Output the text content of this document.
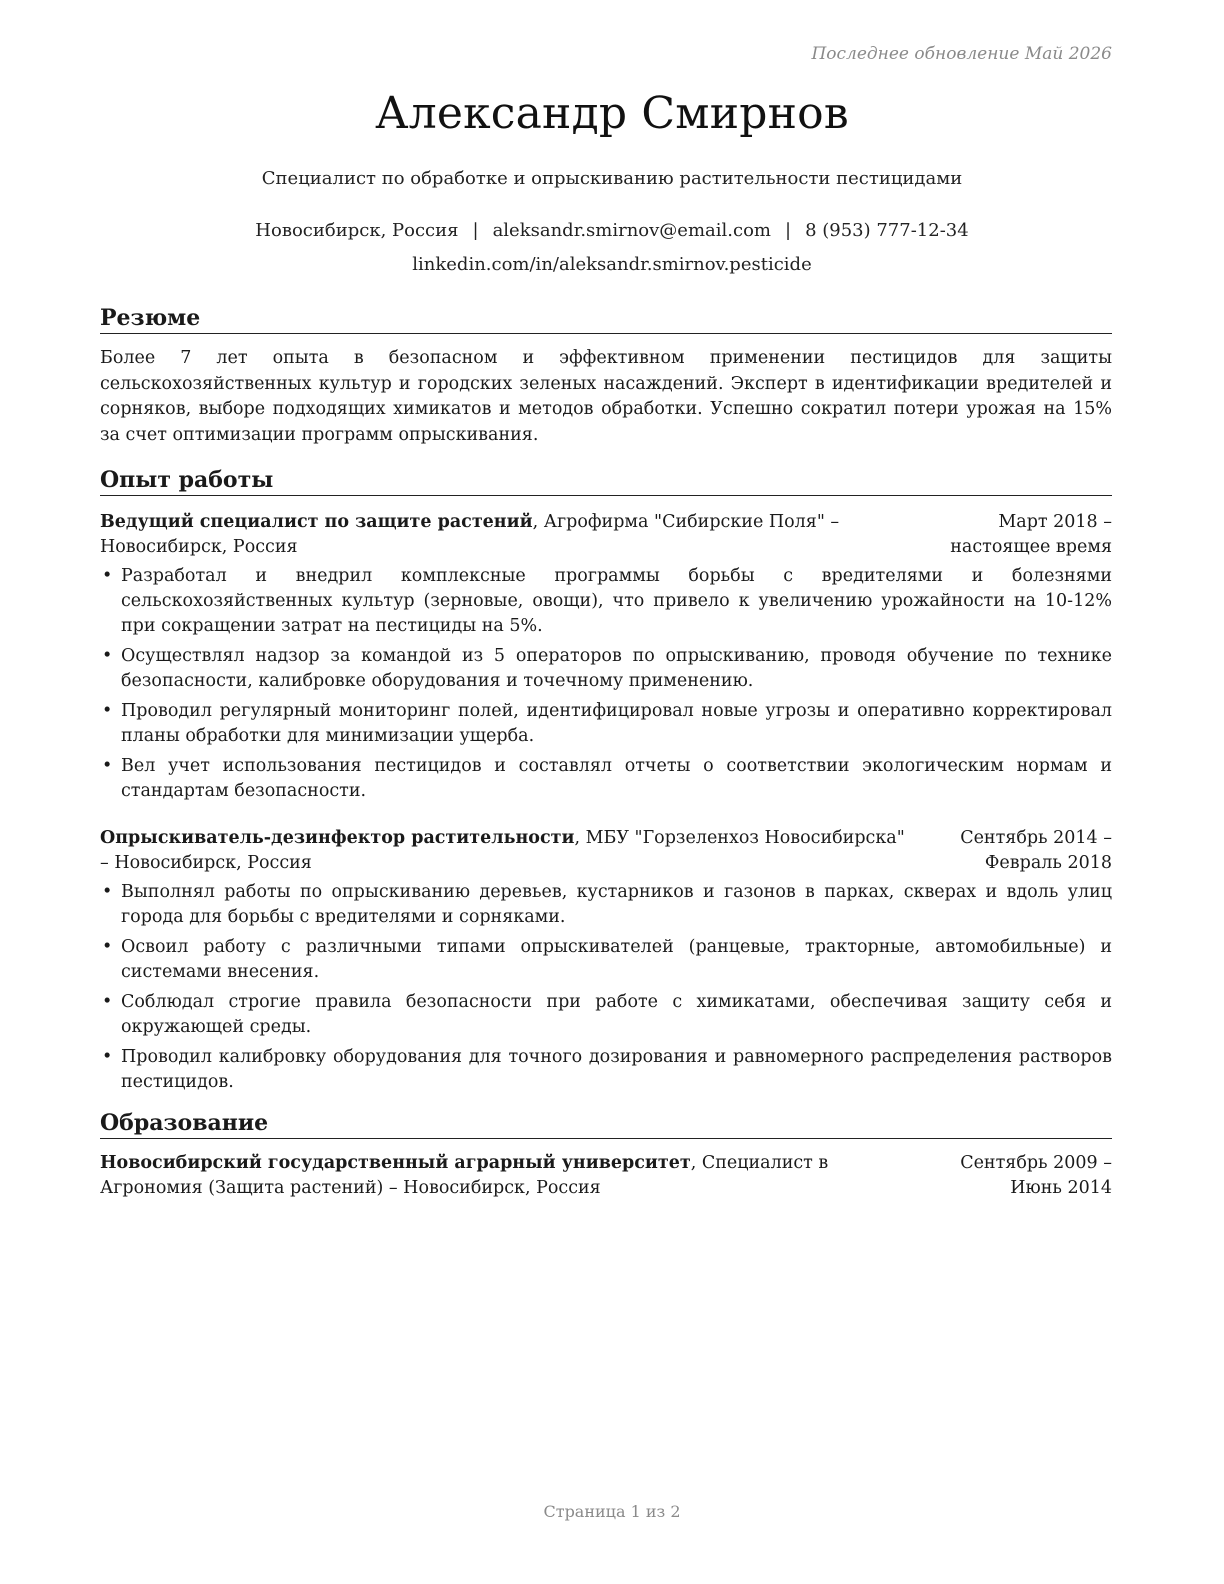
Последнее обновление Май 2026
Александр Смирнов
Специалист по обработке и опрыскиванию растительности пестицидами
Новосибирск, Россия | aleksandr.smirnov@email.com | 8 (953) 777-12-34
linkedin.com/in/aleksandr.smirnov.pesticide
Резюме

Более 7 лет опыта в безопасном и эффективном применении пестицидов для защиты сельскохозяйственных культур и городских зеленых насаждений. Эксперт в идентификации вредителей и сорняков, выборе подходящих химикатов и методов обработки. Успешно сократил потери урожая на 15% за счет оптимизации программ опрыскивания.

Опыт работы
Ведущий специалист по защите растений, Агрофирма "Сибирские Поля" – Новосибирск, Россия
Март 2018 – настоящее время
• Разработал и внедрил комплексные программы борьбы с вредителями и болезнями сельскохозяйственных культур (зерновые, овощи), что привело к увеличению урожайности на 10-12% при сокращении затрат на пестициды на 5%.
• Осуществлял надзор за командой из 5 операторов по опрыскиванию, проводя обучение по технике безопасности, калибровке оборудования и точечному применению.
• Проводил регулярный мониторинг полей, идентифицировал новые угрозы и оперативно корректировал планы обработки для минимизации ущерба.
• Вел учет использования пестицидов и составлял отчеты о соответствии экологическим нормам и стандартам безопасности.
Опрыскиватель-дезинфектор растительности, МБУ "Горзеленхоз Новосибирска" – Новосибирск, Россия
Сентябрь 2014 – Февраль 2018
• Выполнял работы по опрыскиванию деревьев, кустарников и газонов в парках, скверах и вдоль улиц города для борьбы с вредителями и сорняками.
• Освоил работу с различными типами опрыскивателей (ранцевые, тракторные, автомобильные) и системами внесения.
• Соблюдал строгие правила безопасности при работе с химикатами, обеспечивая защиту себя и окружающей среды.
• Проводил калибровку оборудования для точного дозирования и равномерного распределения растворов пестицидов.
Образование
Новосибирский государственный аграрный университет, Специалист в Агрономия (Защита растений) – Новосибирск, Россия
Сентябрь 2009 – Июнь 2014
Страница 1 из 2
